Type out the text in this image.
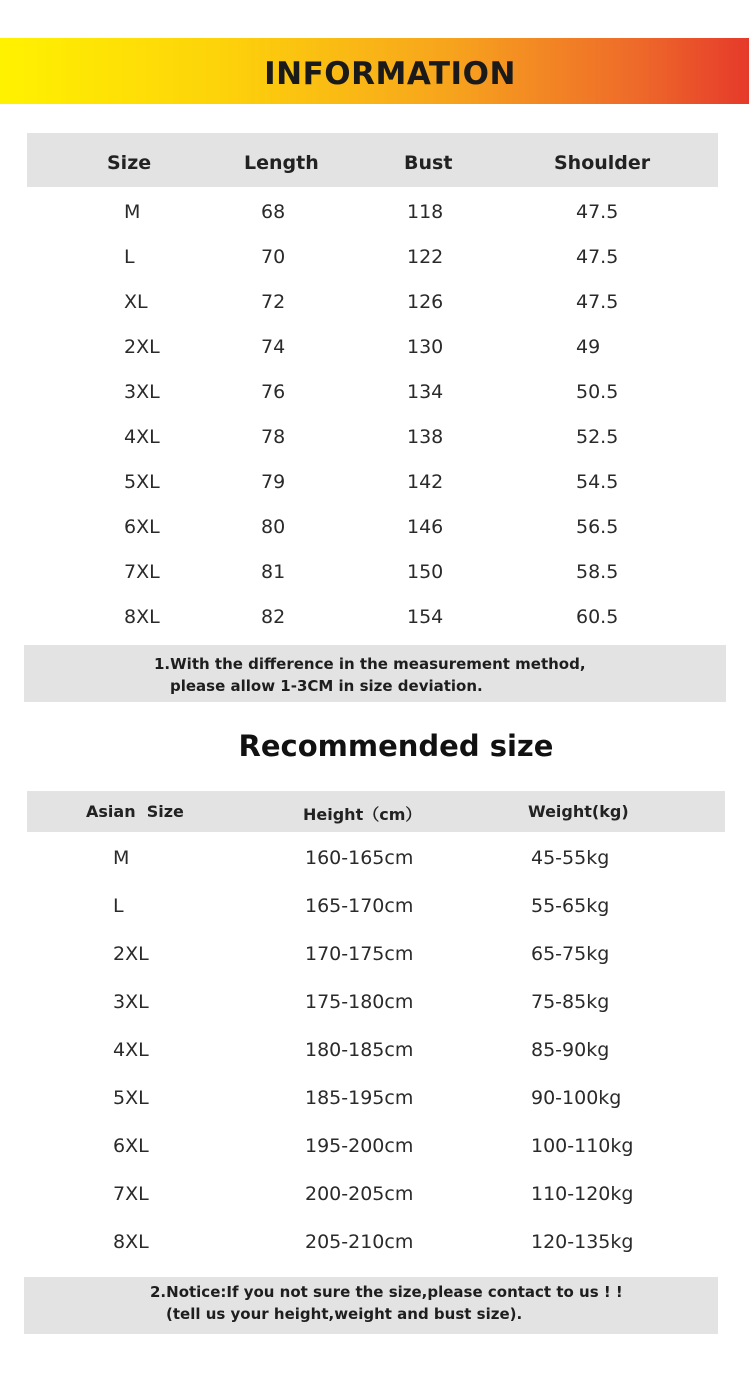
INFORMATION
Size	Length	Bust	Shoulder
M	68	118	47.5
L	70	122	47.5
XL	72	126	47.5
2XL	74	130	49
3XL	76	134	50.5
4XL	78	138	52.5
5XL	79	142	54.5
6XL	80	146	56.5
7XL	81	150	58.5
8XL	82	154	60.5
1.With the difference in the measurement method,
please allow 1-3CM in size deviation.
Recommended size
Asian  Size	Height（cm）	Weight(kg)
M	160-165cm	45-55kg
L	165-170cm	55-65kg
2XL	170-175cm	65-75kg
3XL	175-180cm	75-85kg
4XL	180-185cm	85-90kg
5XL	185-195cm	90-100kg
6XL	195-200cm	100-110kg
7XL	200-205cm	110-120kg
8XL	205-210cm	120-135kg
2.Notice:If you not sure the size,please contact to us ! !
(tell us your height,weight and bust size).
